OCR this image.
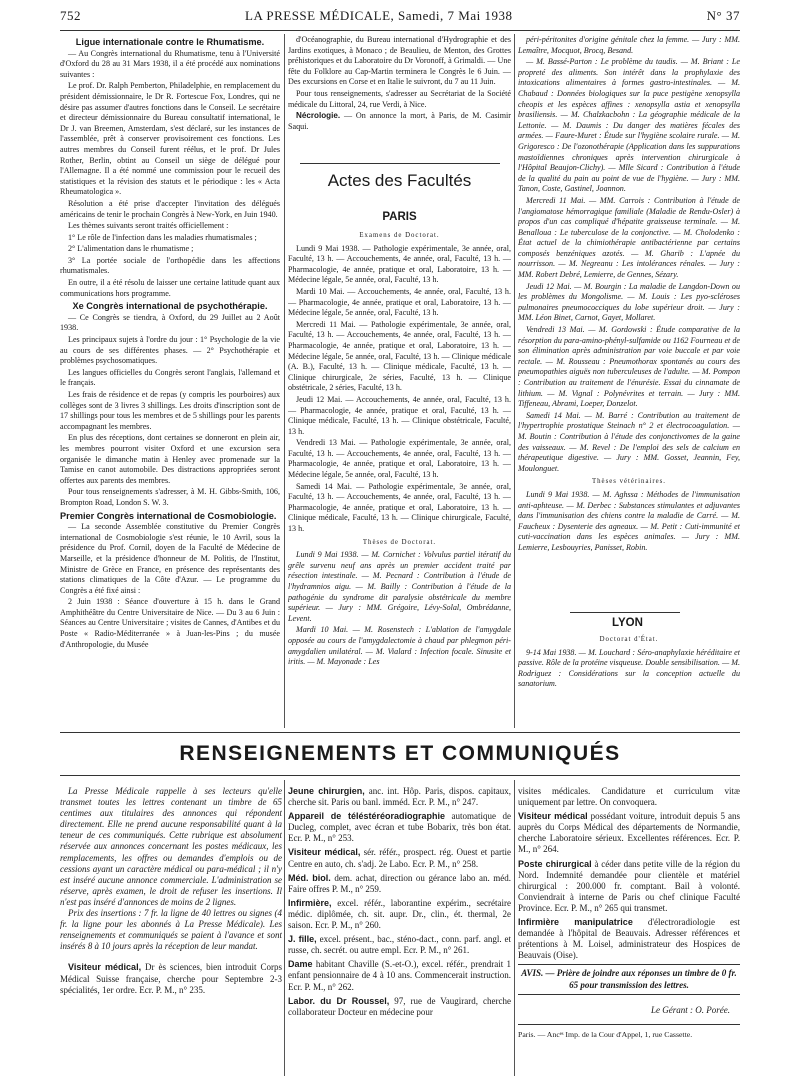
752	LA PRESSE MÉDICALE, Samedi, 7 Mai 1938	N° 37
Ligue internationale contre le Rhumatisme.

— Au Congrès international du Rhumatisme, tenu à l'Université d'Oxford du 28 au 31 Mars 1938, il a été procédé aux nominations suivantes :

Le prof. Dr. Ralph Pemberton, Philadelphie, en remplacement du président démissionnaire, le Dr R. Fortescue Fox, Londres, qui ne désire pas assumer d'autres fonctions dans le Conseil. Le secrétaire et directeur démissionnaire du Bureau consultatif international, le Dr J. van Breemen, Amsterdam, s'est déclaré, sur les instances de l'assemblée, prêt à conserver provisoirement ces fonctions. Les autres membres du Conseil furent réélus, et le prof. Dr Jules Rother, Berlin, obtint au Conseil un siège de délégué pour l'Allemagne. Il a été nommé une commission pour le recueil des statistiques et la révision des statuts et le périodique : les « Acta Rheumatologica ».

Résolution a été prise d'accepter l'invitation des délégués américains de tenir le prochain Congrès à New-York, en Juin 1940.

Les thèmes suivants seront traités officiellement :

1° Le rôle de l'infection dans les maladies rhumatismales ;

2° L'alimentation dans le rhumatisme ;

3° La portée sociale de l'orthopédie dans les affections rhumatismales.

En outre, il a été résolu de laisser une certaine latitude quant aux communications hors programme.

Xe Congrès international de psychothérapie.

— Ce Congrès se tiendra, à Oxford, du 29 Juillet au 2 Août 1938.

Les principaux sujets à l'ordre du jour : 1° Psychologie de la vie au cours de ses différentes phases. — 2° Psychothérapie et problèmes psychosomatiques.

Les langues officielles du Congrès seront l'anglais, l'allemand et le français.

Les frais de résidence et de repas (y compris les pourboires) aux collèges sont de 3 livres 3 shillings. Les droits d'inscription sont de 17 shillings pour tous les membres et de 5 shillings pour les parents accompagnant les membres.

En plus des réceptions, dont certaines se donneront en plein air, les membres pourront visiter Oxford et une excursion sera organisée le dimanche matin à Henley avec promenade sur la Tamise en canot automobile. Des distractions appropriées seront offertes aux parents des membres.

Pour tous renseignements s'adresser, à M. H. Gibbs-Smith, 106, Brompton Road, London S. W. 3.

Premier Congrès international de Cosmobiologie.

— La seconde Assemblée constitutive du Premier Congrès international de Cosmobiologie s'est réunie, le 10 Avril, sous la présidence du Prof. Cornil, doyen de la Faculté de Médecine de Marseille, et la présidence d'honneur de M. Politis, de l'Institut, Ministre de Grèce en France, en présence des représentants des stations climatiques de la Côte d'Azur. — Le programme du Congrès a été fixé ainsi :

2 Juin 1938 : Séance d'ouverture à 15 h. dans le Grand Amphithéâtre du Centre Universitaire de Nice. — Du 3 au 6 Juin : Séances au Centre Universitaire ; visites de Cannes, d'Antibes et du Poste « Radio-Méditerranée » à Juan-les-Pins ; du musée d'Anthropologie, du Musée

d'Océanographie, du Bureau international d'Hydrographie et des Jardins exotiques, à Monaco ; de Beaulieu, de Menton, des Grottes préhistoriques et du Laboratoire du Dr Voronoff, à Grimaldi. — Une fête du Folklore au Cap-Martin terminera le Congrès le 6 Juin. — Des excursions en Corse et en Italie le suivront, du 7 au 11 Juin.

Pour tous renseignements, s'adresser au Secrétariat de la Société médicale du Littoral, 24, rue Verdi, à Nice.

Nécrologie. — On annonce la mort, à Paris, de M. Casimir Saqui.

Actes des Facultés
PARIS
Examens de Doctorat.

Lundi 9 Mai 1938. — Pathologie expérimentale, 3e année, oral, Faculté, 13 h. — Accouchements, 4e année, oral, Faculté, 13 h. — Pharmacologie, 4e année, pratique et oral, Laboratoire, 13 h. — Médecine légale, 5e année, oral, Faculté, 13 h.

Mardi 10 Mai. — Accouchements, 4e année, oral, Faculté, 13 h. — Pharmacologie, 4e année, pratique et oral, Laboratoire, 13 h. — Médecine légale, 5e année, oral, Faculté, 13 h.

Mercredi 11 Mai. — Pathologie expérimentale, 3e année, oral, Faculté, 13 h. — Accouchements, 4e année, oral, Faculté, 13 h. — Pharmacologie, 4e année, pratique et oral, Laboratoire, 13 h. — Médecine légale, 5e année, oral, Faculté, 13 h. — Clinique médicale (A. B.), Faculté, 13 h. — Clinique médicale, Faculté, 13 h. — Clinique chirurgicale, 2e séries, Faculté, 13 h. — Clinique obstétricale, 2 séries, Faculté, 13 h.

Jeudi 12 Mai. — Accouchements, 4e année, oral, Faculté, 13 h. — Pharmacologie, 4e année, pratique et oral, Faculté, 13 h. — Clinique médicale, Faculté, 13 h. — Clinique obstétricale, Faculté, 13 h.

Vendredi 13 Mai. — Pathologie expérimentale, 3e année, oral, Faculté, 13 h. — Accouchements, 4e année, oral, Faculté, 13 h. — Pharmacologie, 4e année, pratique et oral, Laboratoire, 13 h. — Médecine légale, 5e année, oral, Faculté, 13 h.

Samedi 14 Mai. — Pathologie expérimentale, 3e année, oral, Faculté, 13 h. — Accouchements, 4e année, oral, Faculté, 13 h. — Pharmacologie, 4e année, pratique et oral, Laboratoire, 13 h. — Clinique médicale, Faculté, 13 h. — Clinique chirurgicale, Faculté, 13 h.

Thèses de Doctorat.

Lundi 9 Mai 1938. — M. Cornichet : Volvulus partiel itératif du grêle survenu neuf ans après un premier accident traité par résection intestinale. — M. Pecnard : Contribution à l'étude de l'hydramnios aigu. — M. Bailly : Contribution à l'étude de la pathogénie du syndrome dit paralysie obstétricale du membre supérieur. — Jury : MM. Grégoire, Lévy-Solal, Ombrédanne, Levent.

Mardi 10 Mai. — M. Rosenstech : L'ablation de l'amygdale opposée au cours de l'amygdalectomie à chaud par phlegmon péri-amygdalien unilatéral. — M. Vialard : Infection focale. Sinusite et iritis. — M. Mayonade : Les

péri-péritonites d'origine génitale chez la femme. — Jury : MM. Lemaître, Mocquot, Brocq, Besand.

— M. Bassé-Parton : Le problème du taudis. — M. Briant : Le propreté des aliments. Son intérêt dans la prophylaxie des intoxications alimentaires à formes gastro-intestinales. — M. Chabaud : Données biologiques sur la puce pestigène xenopsylla cheopis et les espèces affines : xenopsylla astia et xenopsylla brasiliensis. — M. Chalzkacbohn : La géographie médicale de la Lettonie. — M. Daumis : Du danger des matières fécales des armées. — Faure-Muret : Étude sur l'hygiène scolaire rurale. — M. Grigoresco : De l'ozonothérapie (Application dans les suppurations mastoïdiennes chroniques après intervention chirurgicale à l'Hôpital Beaujon-Clichy). — Mlle Sicard : Contribution à l'étude de la qualité du pain au point de vue de l'hygiène. — Jury : MM. Tanon, Coste, Gastinel, Joannon.

Mercredi 11 Mai. — MM. Carrois : Contribution à l'étude de l'angiomatose hémorragique familiale (Maladie de Rendu-Osler) à propos d'un cas compliqué d'hépatite graisseuse terminale. — M. Benalloua : Le tuberculose de la conjonctive. — M. Cholodenko : État actuel de la chimiothérapie antibactérienne par certains composés benzéniques azotés. — M. Gharib : L'apnée du nourrisson. — M. Negreanu : Les intolérances rénales. — Jury : MM. Robert Debré, Lemierre, de Gennes, Sézary.

Jeudi 12 Mai. — M. Bourgin : La maladie de Langdon-Down ou les problèmes du Mongolisme. — M. Louis : Les pyo-scléroses pulmonaires pneumococciques du lobe supérieur droit. — Jury : MM. Léon Binet, Carnot, Gayet, Mollaret.

Vendredi 13 Mai. — M. Gordowski : Étude comparative de la résorption du para-amino-phényl-sulfamide ou 1162 Fourneau et de son élimination après administration par voie buccale et par voie rectale. — M. Rousseau : Pneumothorax spontanés au cours des pneumopathies aiguës non tuberculeuses de l'adulte. — M. Pompon : Contribution au traitement de l'énurésie. Essai du cinnamate de lithium. — M. Vignal : Polynévrites et terrain. — Jury : MM. Tiffeneau, Abrami, Loeper, Donzelot.

Samedi 14 Mai. — M. Barré : Contribution au traitement de l'hypertrophie prostatique Steinach n° 2 et électrocoagulation. — M. Boutin : Contribution à l'étude des conjonctivomes de la gaine des vaisseaux. — M. Revel : De l'emploi des sels de calcium en thérapeutique digestive. — Jury : MM. Gosset, Jeannin, Fey, Moulonguet.

Thèses vétérinaires.

Lundi 9 Mai 1938. — M. Aghssa : Méthodes de l'immunisation anti-aphteuse. — M. Derbec : Substances stimulantes et adjuvantes dans l'immunisation des chiens contre la maladie de Carré. — M. Faucheux : Dysenterie des agneaux. — M. Petit : Cuti-immunité et cuti-vaccination dans les espèces animales. — Jury : MM. Lemierre, Lesbouyries, Panisset, Robin.

LYON
Doctorat d'État.

9-14 Mai 1938. — M. Louchard : Séro-anaphylaxie héréditaire et passive. Rôle de la protéine visqueuse. Double sensibilisation. — M. Rodriguez : Considérations sur la conception actuelle du sanatorium.

RENSEIGNEMENTS ET COMMUNIQUÉS

La Presse Médicale rappelle à ses lecteurs qu'elle transmet toutes les lettres contenant un timbre de 65 centimes aux titulaires des annonces qui répondent directement. Elle ne prend aucune responsabilité quant à la teneur de ces communiqués. Cette rubrique est absolument réservée aux annonces concernant les postes médicaux, les remplacements, les offres ou demandes d'emplois ou de cessions ayant un caractère médical ou para-médical ; il n'y est inséré aucune annonce commerciale. L'administration se réserve, après examen, le droit de refuser les insertions. Il n'est pas inséré d'annonces de moins de 2 lignes.

Prix des insertions : 7 fr. la ligne de 40 lettres ou signes (4 fr. la ligne pour les abonnés à La Presse Médicale). Les renseignements et communiqués se paient à l'avance et sont insérés 8 à 10 jours après la réception de leur mandat.

Visiteur médical, Dr ès sciences, bien introduit Corps Médical Suisse française, cherche pour Septembre 2-3 spécialités, 1er ordre. Ecr. P. M., n° 235.

Jeune chirurgien, anc. int. Hôp. Paris, dispos. capitaux, cherche sit. Paris ou banl. imméd. Ecr. P. M., n° 247.

Appareil de téléstéréoradiographie automatique de Ducleg, complet, avec écran et tube Bobarix, très bon état. Ecr. P. M., n° 253.

Visiteur médical, sér. référ., prospect. rég. Ouest et partie Centre en auto, ch. s'adj. 2e Labo. Ecr. P. M., n° 258.

Méd. biol. dem. achat, direction ou gérance labo an. méd. Faire offres P. M., n° 259.

Infirmière, excel. référ., laborantine expérim., secrétaire médic. diplômée, ch. sit. aupr. Dr., clin., ét. thermal, 2e saison. Ecr. P. M., n° 260.

J. fille, excel. présent., bac., sténo-dact., conn. parf. angl. et russe, ch. secrét. ou autre empl. Ecr. P. M., n° 261.

Dame habitant Chaville (S.-et-O.), excel. référ., prendrait 1 enfant pensionnaire de 4 à 10 ans. Commencerait instruction. Ecr. P. M., n° 262.

Labor. du Dr Roussel, 97, rue de Vaugirard, cherche collaborateur Docteur en médecine pour

visites médicales. Candidature et curriculum vitæ uniquement par lettre. On convoquera.

Visiteur médical possédant voiture, introduit depuis 5 ans auprès du Corps Médical des départements de Normandie, cherche Laboratoire sérieux. Excellentes références. Ecr. P. M., n° 264.

Poste chirurgical à céder dans petite ville de la région du Nord. Indemnité demandée pour clientèle et matériel chirurgical : 200.000 fr. comptant. Bail à volonté. Conviendrait à interne de Paris ou chef clinique Faculté Province. Ecr. P. M., n° 265 qui transmet.

Infirmière manipulatrice d'électroradiologie est demandée à l'hôpital de Beauvais. Adresser références et prétentions à M. Loisel, administrateur des Hospices de Beauvais (Oise).

AVIS. — Prière de joindre aux réponses un timbre de 0 fr. 65 pour transmission des lettres.
Le Gérant : O. Porée.
Paris. — Ancᵉˢ Imp. de la Cour d'Appel, 1, rue Cassette.
